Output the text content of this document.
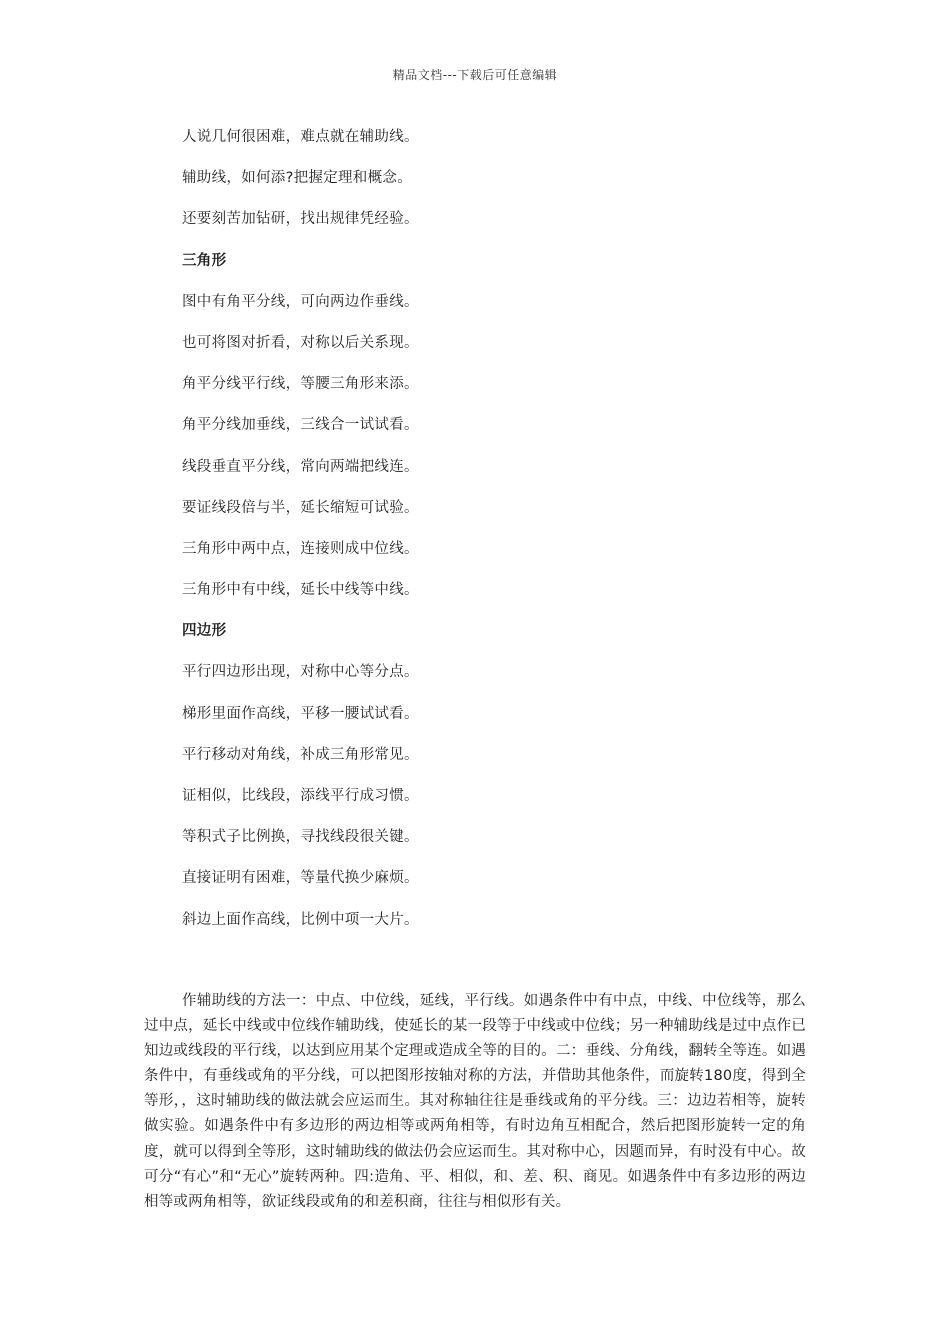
精品文档---下载后可任意编辑
人说几何很困难，难点就在辅助线。
辅助线，如何添?把握定理和概念。
还要刻苦加钻研，找出规律凭经验。
三角形
图中有角平分线，可向两边作垂线。
也可将图对折看，对称以后关系现。
角平分线平行线，等腰三角形来添。
角平分线加垂线，三线合一试试看。
线段垂直平分线，常向两端把线连。
要证线段倍与半，延长缩短可试验。
三角形中两中点，连接则成中位线。
三角形中有中线，延长中线等中线。
四边形
平行四边形出现，对称中心等分点。
梯形里面作高线，平移一腰试试看。
平行移动对角线，补成三角形常见。
证相似，比线段，添线平行成习惯。
等积式子比例换，寻找线段很关键。
直接证明有困难，等量代换少麻烦。
斜边上面作高线，比例中项一大片。

作辅助线的方法一：中点、中位线，延线，平行线。如遇条件中有中点，中线、中位线等，那么过中点，延长中线或中位线作辅助线，使延长的某一段等于中线或中位线；另一种辅助线是过中点作已知边或线段的平行线，以达到应用某个定理或造成全等的目的。二：垂线、分角线，翻转全等连。如遇条件中，有垂线或角的平分线，可以把图形按轴对称的方法，并借助其他条件，而旋转180度，得到全等形，，这时辅助线的做法就会应运而生。其对称轴往往是垂线或角的平分线。三：边边若相等，旋转做实验。如遇条件中有多边形的两边相等或两角相等，有时边角互相配合，然后把图形旋转一定的角度，就可以得到全等形，这时辅助线的做法仍会应运而生。其对称中心，因题而异，有时没有中心。故可分“有心”和“无心”旋转两种。四:造角、平、相似，和、差、积、商见。如遇条件中有多边形的两边相等或两角相等，欲证线段或角的和差积商，往往与相似形有关。
